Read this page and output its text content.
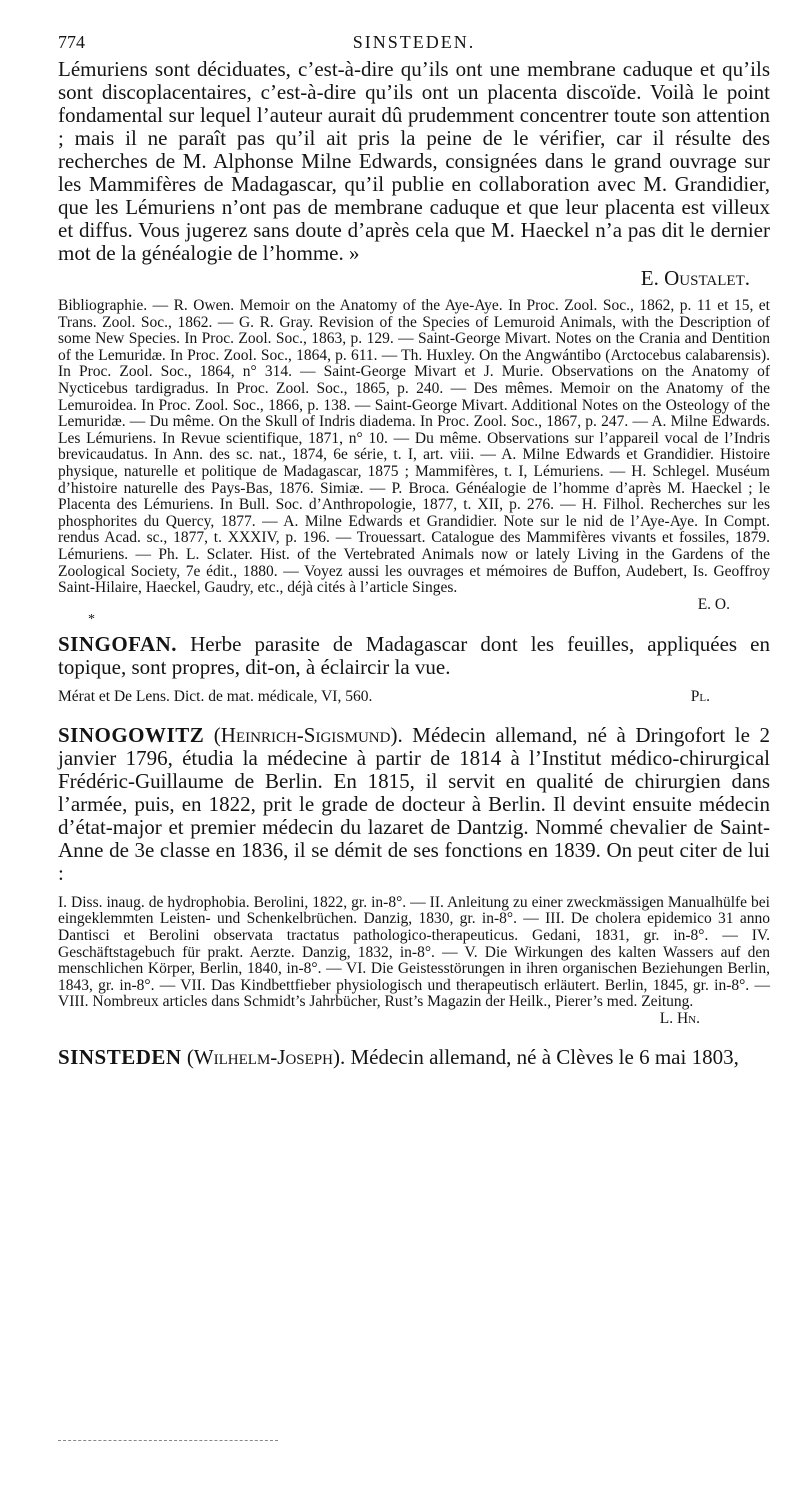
774	SINSTEDEN.

Lémuriens sont déciduates, c’est-à-dire qu’ils ont une membrane caduque et qu’ils sont discoplacentaires, c’est-à-dire qu’ils ont un placenta discoïde. Voilà le point fondamental sur lequel l’auteur aurait dû prudemment concentrer toute son attention ; mais il ne paraît pas qu’il ait pris la peine de le vérifier, car il résulte des recherches de M. Alphonse Milne Edwards, consignées dans le grand ouvrage sur les Mammifères de Madagascar, qu’il publie en collaboration avec M. Grandidier, que les Lémuriens n’ont pas de membrane caduque et que leur placenta est villeux et diffus. Vous jugerez sans doute d’après cela que M. Haeckel n’a pas dit le dernier mot de la généalogie de l’homme. »

E. Oustalet.

Bibliographie. — R. Owen. Memoir on the Anatomy of the Aye-Aye. In Proc. Zool. Soc., 1862, p. 11 et 15, et Trans. Zool. Soc., 1862. — G. R. Gray. Revision of the Species of Lemuroid Animals, with the Description of some New Species. In Proc. Zool. Soc., 1863, p. 129. — Saint-George Mivart. Notes on the Crania and Dentition of the Lemuridæ. In Proc. Zool. Soc., 1864, p. 611. — Th. Huxley. On the Angwántibo (Arctocebus calabarensis). In Proc. Zool. Soc., 1864, n° 314. — Saint-George Mivart et J. Murie. Observations on the Anatomy of Nycticebus tardigradus. In Proc. Zool. Soc., 1865, p. 240. — Des mêmes. Memoir on the Anatomy of the Lemuroidea. In Proc. Zool. Soc., 1866, p. 138. — Saint-George Mivart. Additional Notes on the Osteology of the Lemuridæ. — Du même. On the Skull of Indris diadema. In Proc. Zool. Soc., 1867, p. 247. — A. Milne Edwards. Les Lémuriens. In Revue scientifique, 1871, n° 10. — Du même. Observations sur l’appareil vocal de l’Indris brevicaudatus. In Ann. des sc. nat., 1874, 6e série, t. I, art. viii. — A. Milne Edwards et Grandidier. Histoire physique, naturelle et politique de Madagascar, 1875 ; Mammifères, t. I, Lémuriens. — H. Schlegel. Muséum d’histoire naturelle des Pays-Bas, 1876. Simiæ. — P. Broca. Généalogie de l’homme d’après M. Haeckel ; le Placenta des Lémuriens. In Bull. Soc. d’Anthropologie, 1877, t. XII, p. 276. — H. Filhol. Recherches sur les phosphorites du Quercy, 1877. — A. Milne Edwards et Grandidier. Note sur le nid de l’Aye-Aye. In Compt. rendus Acad. sc., 1877, t. XXXIV, p. 196. — Trouessart. Catalogue des Mammifères vivants et fossiles, 1879. Lémuriens. — Ph. L. Sclater. Hist. of the Vertebrated Animals now or lately Living in the Gardens of the Zoological Society, 7e édit., 1880. — Voyez aussi les ouvrages et mémoires de Buffon, Audebert, Is. Geoffroy Saint-Hilaire, Haeckel, Gaudry, etc., déjà cités à l’article Singes.

E. O.

*

SINGOFAN. Herbe parasite de Madagascar dont les feuilles, appliquées en topique, sont propres, dit-on, à éclaircir la vue.

Mérat et De Lens. Dict. de mat. médicale, VI, 560.	Pl.

SINOGOWITZ (Heinrich-Sigismund). Médecin allemand, né à Dringofort le 2 janvier 1796, étudia la médecine à partir de 1814 à l’Institut médico-chirurgical Frédéric-Guillaume de Berlin. En 1815, il servit en qualité de chirurgien dans l’armée, puis, en 1822, prit le grade de docteur à Berlin. Il devint ensuite médecin d’état-major et premier médecin du lazaret de Dantzig. Nommé chevalier de Saint-Anne de 3e classe en 1836, il se démit de ses fonctions en 1839. On peut citer de lui :

I. Diss. inaug. de hydrophobia. Berolini, 1822, gr. in-8°. — II. Anleitung zu einer zweckmässigen Manualhülfe bei eingeklemmten Leisten- und Schenkelbrüchen. Danzig, 1830, gr. in-8°. — III. De cholera epidemico 31 anno Dantisci et Berolini observata tractatus pathologico-therapeuticus. Gedani, 1831, gr. in-8°. — IV. Geschäftstagebuch für prakt. Aerzte. Danzig, 1832, in-8°. — V. Die Wirkungen des kalten Wassers auf den menschlichen Körper, Berlin, 1840, in-8°. — VI. Die Geistesstörungen in ihren organischen Beziehungen Berlin, 1843, gr. in-8°. — VII. Das Kindbettfieber physiologisch und therapeutisch erläutert. Berlin, 1845, gr. in-8°. — VIII. Nombreux articles dans Schmidt’s Jahrbücher, Rust’s Magazin der Heilk., Pierer’s med. Zeitung.

L. Hn.

SINSTEDEN (Wilhelm-Joseph). Médecin allemand, né à Clèves le 6 mai 1803,
